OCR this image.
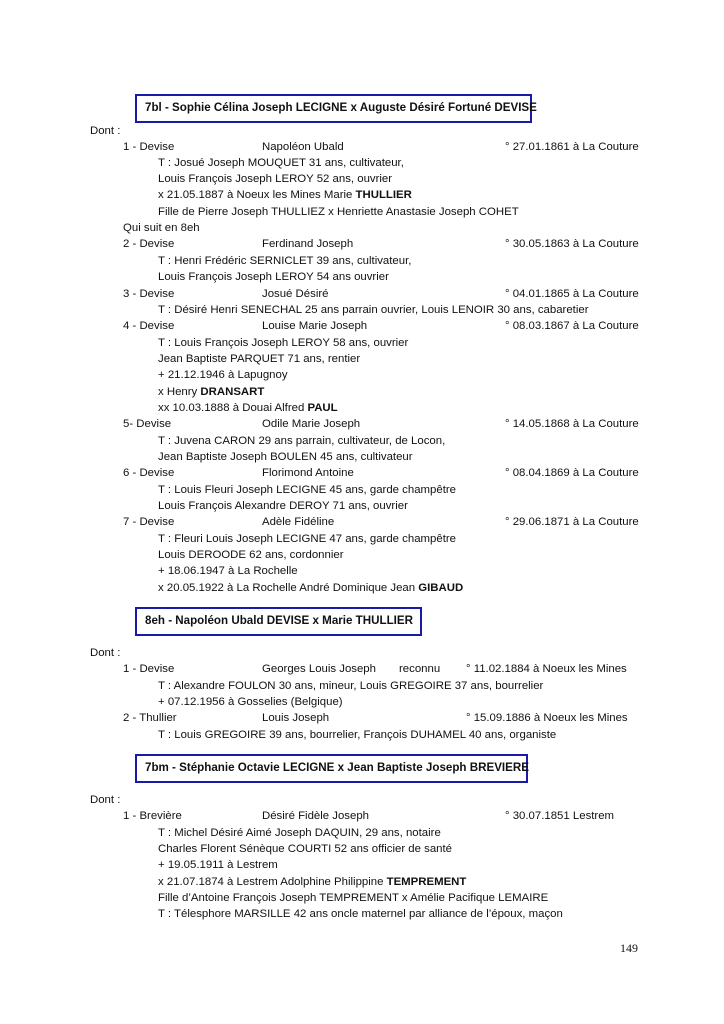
7bl - Sophie Célina Joseph LECIGNE x Auguste Désiré Fortuné DEVISE
Dont :
1 - Devise	Napoléon Ubald	° 27.01.1861 à La Couture
T : Josué Joseph MOUQUET 31 ans, cultivateur,
Louis François Joseph LEROY 52 ans, ouvrier
x 21.05.1887 à Noeux les Mines Marie THULLIER
Fille de Pierre Joseph THULLIEZ x Henriette Anastasie Joseph COHET
Qui suit en 8eh
2 - Devise	Ferdinand Joseph	° 30.05.1863 à La Couture
T : Henri Frédéric SERNICLET 39 ans, cultivateur,
Louis François Joseph LEROY 54 ans ouvrier
3 - Devise	Josué Désiré	° 04.01.1865 à La Couture
T : Désiré Henri SENECHAL 25 ans parrain ouvrier, Louis LENOIR 30 ans, cabaretier
4 - Devise	Louise Marie Joseph	° 08.03.1867 à La Couture
T : Louis François Joseph LEROY 58 ans, ouvrier
Jean Baptiste PARQUET 71 ans, rentier
+ 21.12.1946 à Lapugnoy
x Henry DRANSART
xx 10.03.1888 à Douai Alfred PAUL
5- Devise	Odile Marie Joseph	° 14.05.1868 à La Couture
T : Juvena CARON 29 ans parrain, cultivateur, de Locon,
Jean Baptiste Joseph BOULEN 45 ans, cultivateur
6 - Devise	Florimond Antoine	° 08.04.1869 à La Couture
T : Louis Fleuri Joseph LECIGNE 45 ans, garde champêtre
Louis François Alexandre DEROY 71 ans, ouvrier
7 - Devise	Adèle Fidéline	° 29.06.1871 à La Couture
T : Fleuri Louis Joseph LECIGNE 47 ans, garde champêtre
Louis DEROODE 62 ans, cordonnier
+ 18.06.1947 à La Rochelle
x 20.05.1922 à La Rochelle André Dominique Jean GIBAUD
8eh - Napoléon Ubald DEVISE x Marie THULLIER
Dont :
1 - Devise	Georges Louis Joseph reconnu ° 11.02.1884 à Noeux les Mines
T : Alexandre FOULON 30 ans, mineur, Louis GREGOIRE 37 ans, bourrelier
+ 07.12.1956 à Gosselies (Belgique)
2 - Thullier	Louis Joseph	° 15.09.1886 à Noeux les Mines
T : Louis GREGOIRE 39 ans, bourrelier, François DUHAMEL 40 ans, organiste
7bm - Stéphanie Octavie LECIGNE x Jean Baptiste Joseph BREVIERE
Dont :
1 - Brevière	Désiré Fidèle Joseph	° 30.07.1851 Lestrem
T : Michel Désiré Aimé Joseph DAQUIN, 29 ans, notaire
Charles Florent Sénèque COURTI 52 ans officier de santé
+ 19.05.1911 à Lestrem
x 21.07.1874 à Lestrem Adolphine Philippine TEMPREMENT
Fille d’Antoine François Joseph TEMPREMENT x Amélie Pacifique LEMAIRE
T : Télesphore MARSILLE 42 ans oncle maternel par alliance de l’époux, maçon
149
